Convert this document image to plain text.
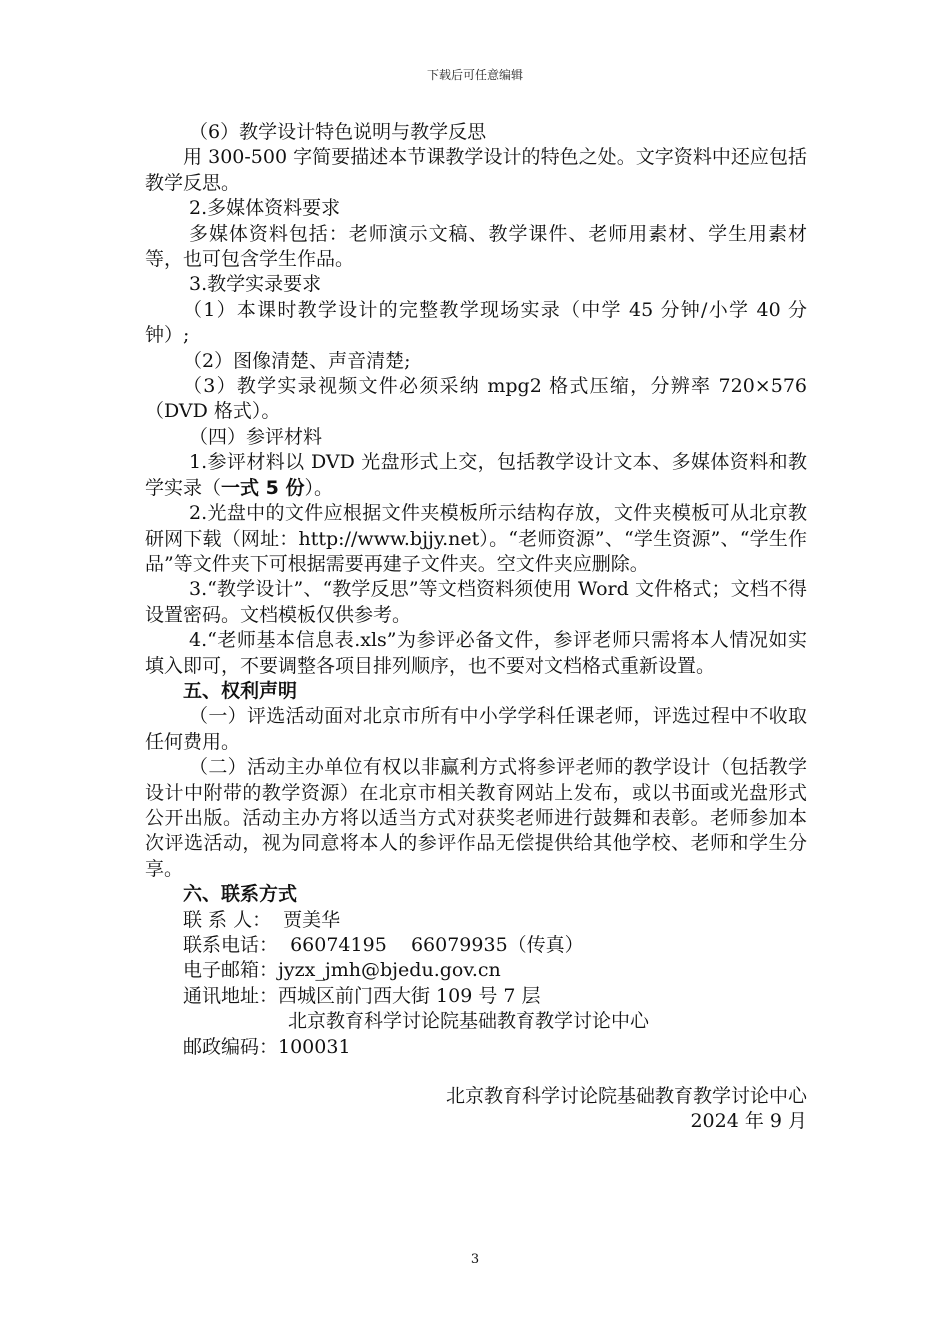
下载后可任意编辑

（6）教学设计特色说明与教学反思

用 300-500 字简要描述本节课教学设计的特色之处。文字资料中还应包括教学反思。

2.多媒体资料要求

多媒体资料包括：老师演示文稿、教学课件、老师用素材、学生用素材等，也可包含学生作品。

3.教学实录要求

（1）本课时教学设计的完整教学现场实录（中学 45 分钟/小学 40 分钟）;

（2）图像清楚、声音清楚;

（3）教学实录视频文件必须采纳 mpg2 格式压缩，分辨率 720×576（DVD 格式）。

（四）参评材料

1.参评材料以 DVD 光盘形式上交，包括教学设计文本、多媒体资料和教学实录（一式 5 份）。

2.光盘中的文件应根据文件夹模板所示结构存放，文件夹模板可从北京教研网下载（网址：http://www.bjjy.net）。“老师资源”、“学生资源”、“学生作品”等文件夹下可根据需要再建子文件夹。空文件夹应删除。

3.“教学设计”、“教学反思”等文档资料须使用 Word 文件格式；文档不得设置密码。文档模板仅供参考。

4.“老师基本信息表.xls”为参评必备文件，参评老师只需将本人情况如实填入即可，不要调整各项目排列顺序，也不要对文档格式重新设置。

五、权利声明

（一）评选活动面对北京市所有中小学学科任课老师，评选过程中不收取任何费用。

（二）活动主办单位有权以非赢利方式将参评老师的教学设计（包括教学设计中附带的教学资源）在北京市相关教育网站上发布，或以书面或光盘形式公开出版。活动主办方将以适当方式对获奖老师进行鼓舞和表彰。老师参加本次评选活动，视为同意将本人的参评作品无偿提供给其他学校、老师和学生分享。

六、联系方式

联 系 人：  贾美华

联系电话：  66074195    66079935（传真）

电子邮箱：jyzx_jmh@bjedu.gov.cn

通讯地址：西城区前门西大街 109 号 7 层

北京教育科学讨论院基础教育教学讨论中心

邮政编码：100031

北京教育科学讨论院基础教育教学讨论中心

2024 年 9 月

3
